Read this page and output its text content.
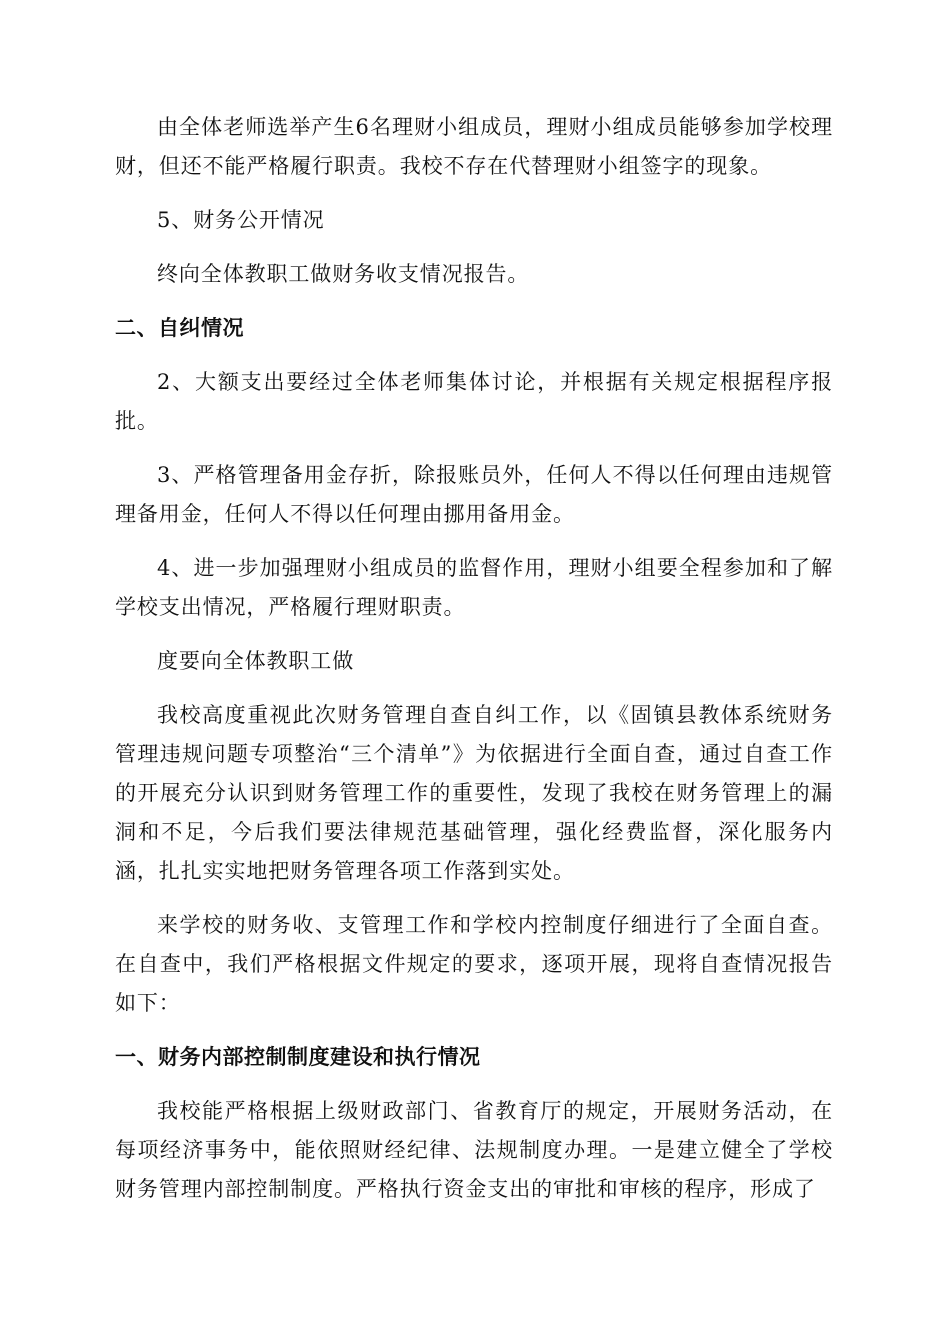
由全体老师选举产生6名理财小组成员，理财小组成员能够参加学校理财，但还不能严格履行职责。我校不存在代替理财小组签字的现象。

5、财务公开情况

终向全体教职工做财务收支情况报告。

二、自纠情况

2、大额支出要经过全体老师集体讨论，并根据有关规定根据程序报批。

3、严格管理备用金存折，除报账员外，任何人不得以任何理由违规管理备用金，任何人不得以任何理由挪用备用金。

4、进一步加强理财小组成员的监督作用，理财小组要全程参加和了解学校支出情况，严格履行理财职责。

度要向全体教职工做

我校高度重视此次财务管理自查自纠工作，以《固镇县教体系统财务管理违规问题专项整治“三个清单”》为依据进行全面自查，通过自查工作的开展充分认识到财务管理工作的重要性，发现了我校在财务管理上的漏洞和不足，今后我们要法律规范基础管理，强化经费监督，深化服务内涵，扎扎实实地把财务管理各项工作落到实处。

来学校的财务收、支管理工作和学校内控制度仔细进行了全面自查。在自查中，我们严格根据文件规定的要求，逐项开展，现将自查情况报告如下：

一、财务内部控制制度建设和执行情况

我校能严格根据上级财政部门、省教育厅的规定，开展财务活动，在每项经济事务中，能依照财经纪律、法规制度办理。一是建立健全了学校财务管理内部控制制度。严格执行资金支出的审批和审核的程序，形成了
